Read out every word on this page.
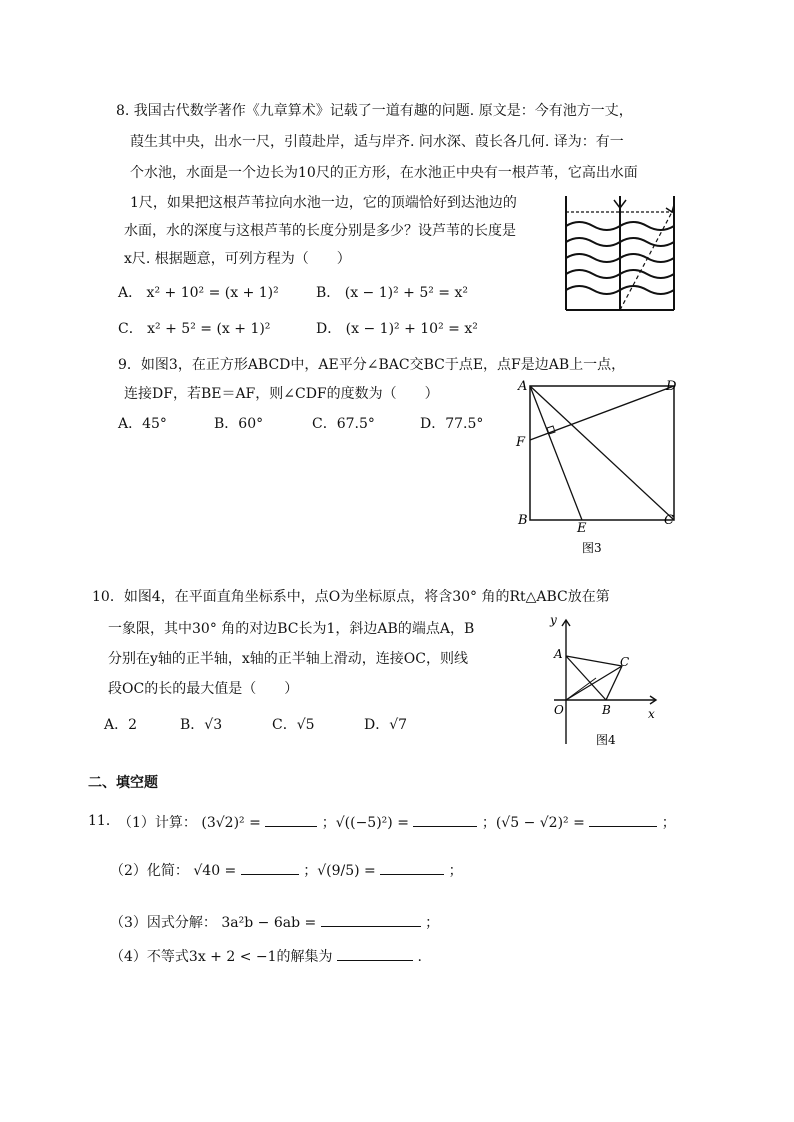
8. 我国古代数学著作《九章算术》记载了一道有趣的问题. 原文是：今有池方一丈，
葭生其中央，出水一尺，引葭赴岸，适与岸齐. 问水深、葭长各几何. 译为：有一
个水池，水面是一个边长为10尺的正方形，在水池正中央有一根芦苇，它高出水面
1尺，如果把这根芦苇拉向水池一边，它的顶端恰好到达池边的
水面，水的深度与这根芦苇的长度分别是多少？设芦苇的长度是
x尺. 根据题意，可列方程为（　　）
A． x² + 10² = (x + 1)²	B． (x − 1)² + 5² = x²
C． x² + 5² = (x + 1)²	D． (x − 1)² + 10² = x²
9．如图3，在正方形ABCD中，AE平分∠BAC交BC于点E，点F是边AB上一点，
连接DF，若BE＝AF，则∠CDF的度数为（　　）
A．45°	B．60°	C．67.5°	D．77.5°
A
B	C
D
E
F
图3
10．如图4，在平面直角坐标系中，点O为坐标原点，将含30° 角的Rt△ABC放在第
一象限，其中30° 角的对边BC长为1，斜边AB的端点A，B
分别在y轴的正半轴，x轴的正半轴上滑动，连接OC，则线
段OC的长的最大值是（　　）
A．2	B．√3	C．√5	D．√7
y
x
O
A
B
C
图4
二、填空题
11．
（1）计算： (3√2)² =	；√((−5)²) =	；(√5 − √2)² =	；
（2）化简： √40 =	；√(9/5) =	；
（3）因式分解： 3a²b − 6ab =	；
（4）不等式3x + 2 < −1的解集为	.
